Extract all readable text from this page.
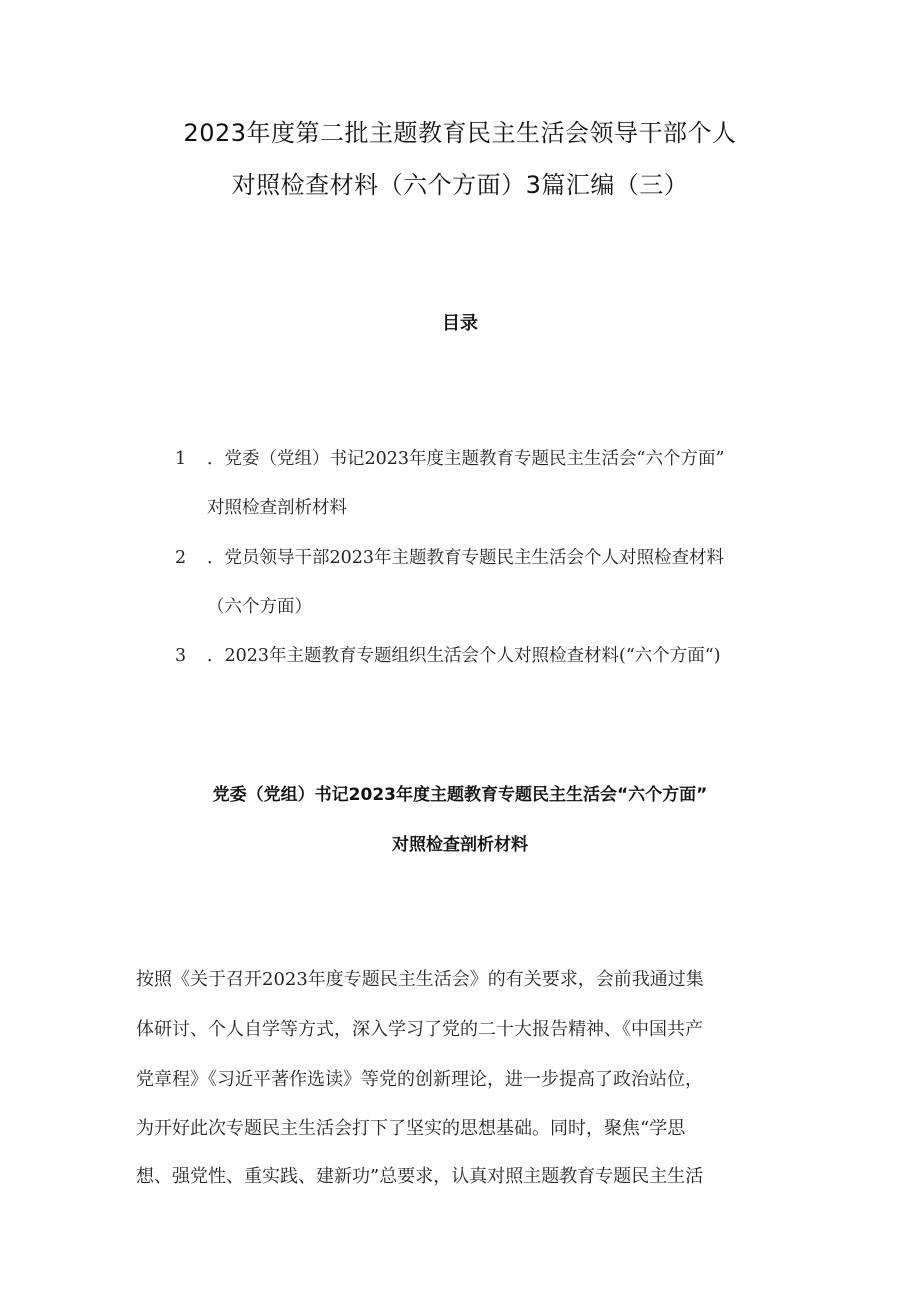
2023年度第二批主题教育民主生活会领导干部个人
对照检查材料（六个方面）3篇汇编（三）
目录
1 ．党委（党组）书记2023年度主题教育专题民主生活会“六个方面”
对照检查剖析材料
2 ．党员领导干部2023年主题教育专题民主生活会个人对照检查材料
（六个方面）
3 ．2023年主题教育专题组织生活会个人对照检查材料(“六个方面“)
党委（党组）书记2023年度主题教育专题民主生活会“六个方面”
对照检查剖析材料
按照《关于召开2023年度专题民主生活会》的有关要求，会前我通过集
体研讨、个人自学等方式，深入学习了党的二十大报告精神、《中国共产
党章程》《习近平著作选读》等党的创新理论，进一步提高了政治站位，
为开好此次专题民主生活会打下了坚实的思想基础。同时，聚焦“学思
想、强党性、重实践、建新功”总要求，认真对照主题教育专题民主生活
